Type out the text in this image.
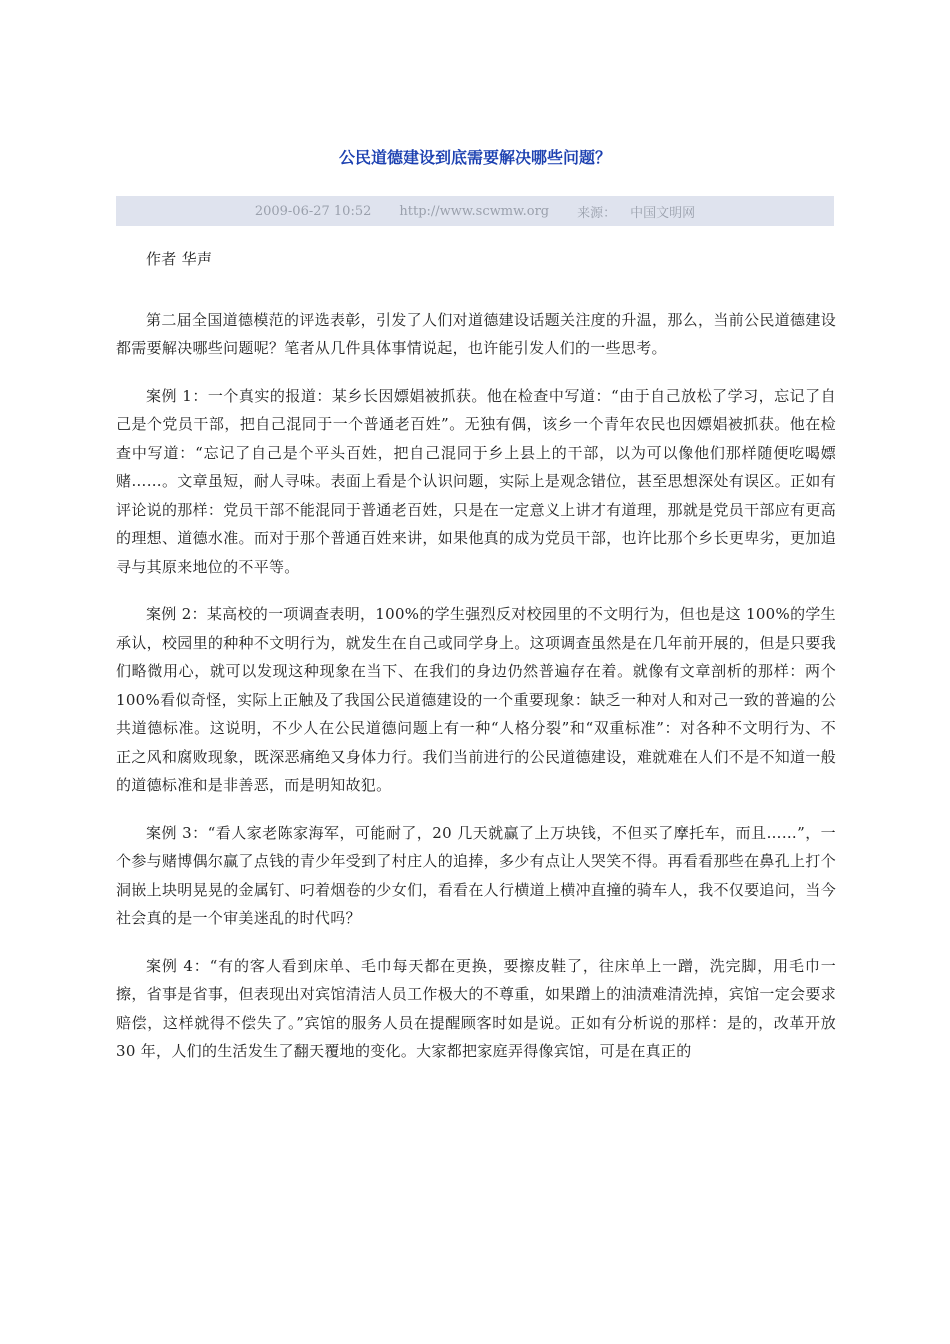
公民道德建设到底需要解决哪些问题？
2009-06-27 10:52 http://www.scwmw.org 来源： 中国文明网

作者 华声

第二届全国道德模范的评选表彰，引发了人们对道德建设话题关注度的升温，那么，当前公民道德建设都需要解决哪些问题呢？笔者从几件具体事情说起，也许能引发人们的一些思考。

案例 1：一个真实的报道：某乡长因嫖娼被抓获。他在检查中写道：“由于自己放松了学习，忘记了自己是个党员干部，把自己混同于一个普通老百姓”。无独有偶，该乡一个青年农民也因嫖娼被抓获。他在检查中写道：“忘记了自己是个平头百姓，把自己混同于乡上县上的干部，以为可以像他们那样随便吃喝嫖赌……。文章虽短，耐人寻味。表面上看是个认识问题，实际上是观念错位，甚至思想深处有误区。正如有评论说的那样：党员干部不能混同于普通老百姓，只是在一定意义上讲才有道理，那就是党员干部应有更高的理想、道德水准。而对于那个普通百姓来讲，如果他真的成为党员干部，也许比那个乡长更卑劣，更加追寻与其原来地位的不平等。

案例 2：某高校的一项调查表明，100%的学生强烈反对校园里的不文明行为，但也是这 100%的学生承认，校园里的种种不文明行为，就发生在自己或同学身上。这项调查虽然是在几年前开展的，但是只要我们略微用心，就可以发现这种现象在当下、在我们的身边仍然普遍存在着。就像有文章剖析的那样：两个 100%看似奇怪，实际上正触及了我国公民道德建设的一个重要现象：缺乏一种对人和对己一致的普遍的公共道德标准。这说明，不少人在公民道德问题上有一种“人格分裂”和“双重标准”：对各种不文明行为、不正之风和腐败现象，既深恶痛绝又身体力行。我们当前进行的公民道德建设，难就难在人们不是不知道一般的道德标准和是非善恶，而是明知故犯。

案例 3：“看人家老陈家海军，可能耐了，20 几天就赢了上万块钱，不但买了摩托车，而且……”，一个参与赌博偶尔赢了点钱的青少年受到了村庄人的追捧，多少有点让人哭笑不得。再看看那些在鼻孔上打个洞嵌上块明晃晃的金属钉、叼着烟卷的少女们，看看在人行横道上横冲直撞的骑车人，我不仅要追问，当今社会真的是一个审美迷乱的时代吗？

案例 4：“有的客人看到床单、毛巾每天都在更换，要擦皮鞋了，往床单上一蹭，洗完脚，用毛巾一擦，省事是省事，但表现出对宾馆清洁人员工作极大的不尊重，如果蹭上的油渍难清洗掉，宾馆一定会要求赔偿，这样就得不偿失了。”宾馆的服务人员在提醒顾客时如是说。正如有分析说的那样：是的，改革开放 30 年，人们的生活发生了翻天覆地的变化。大家都把家庭弄得像宾馆，可是在真正的
